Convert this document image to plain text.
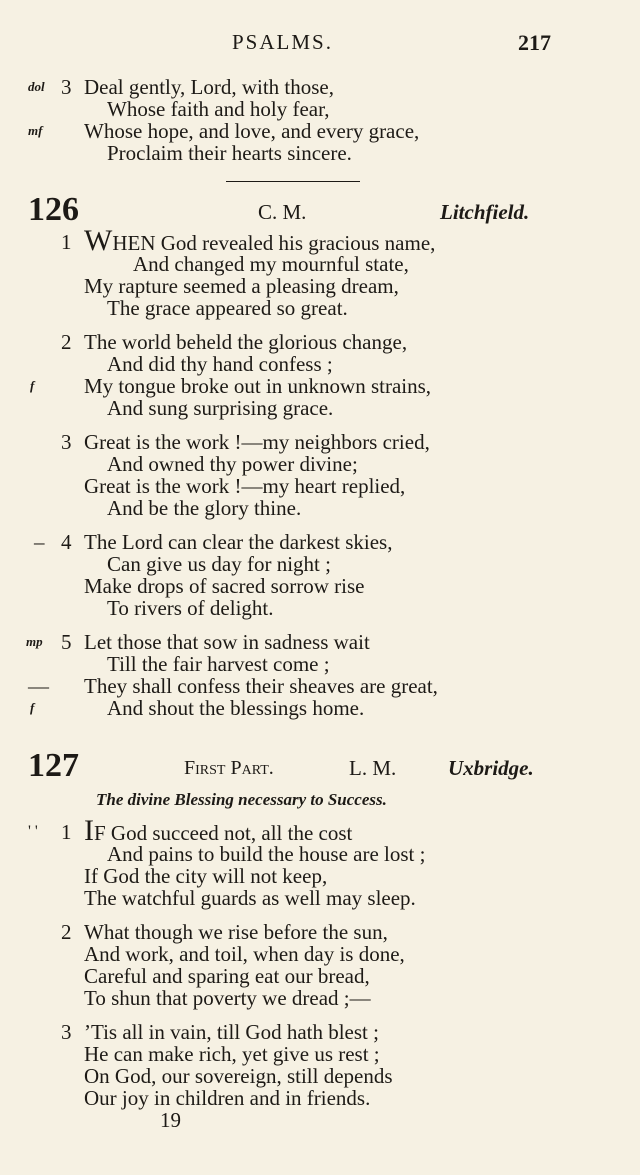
PSALMS.	217
dol 3 Deal gently, Lord, with those,
Whose faith and holy fear,
mf Whose hope, and love, and every grace,
Proclaim their hearts sincere.
126	C. M.	Litchfield.
1 WHEN God revealed his gracious name,
And changed my mournful state,
My rapture seemed a pleasing dream,
The grace appeared so great.
2 The world beheld the glorious change,
And did thy hand confess ;
f My tongue broke out in unknown strains,
And sung surprising grace.
3 Great is the work !—my neighbors cried,
And owned thy power divine;
Great is the work !—my heart replied,
And be the glory thine.
– 4 The Lord can clear the darkest skies,
Can give us day for night ;
Make drops of sacred sorrow rise
To rivers of delight.
mp 5 Let those that sow in sadness wait
Till the fair harvest come ;
— They shall confess their sheaves are great,
f	And shout the blessings home.
127	First Part.	L. M. Uxbridge.
The divine Blessing necessary to Success.
' ' 1 IF God succeed not, all the cost
And pains to build the house are lost ;
If God the city will not keep,
The watchful guards as well may sleep.
2 What though we rise before the sun,
And work, and toil, when day is done,
Careful and sparing eat our bread,
To shun that poverty we dread ;—
3 ’Tis all in vain, till God hath blest ;
He can make rich, yet give us rest ;
On God, our sovereign, still depends
Our joy in children and in friends.
19
